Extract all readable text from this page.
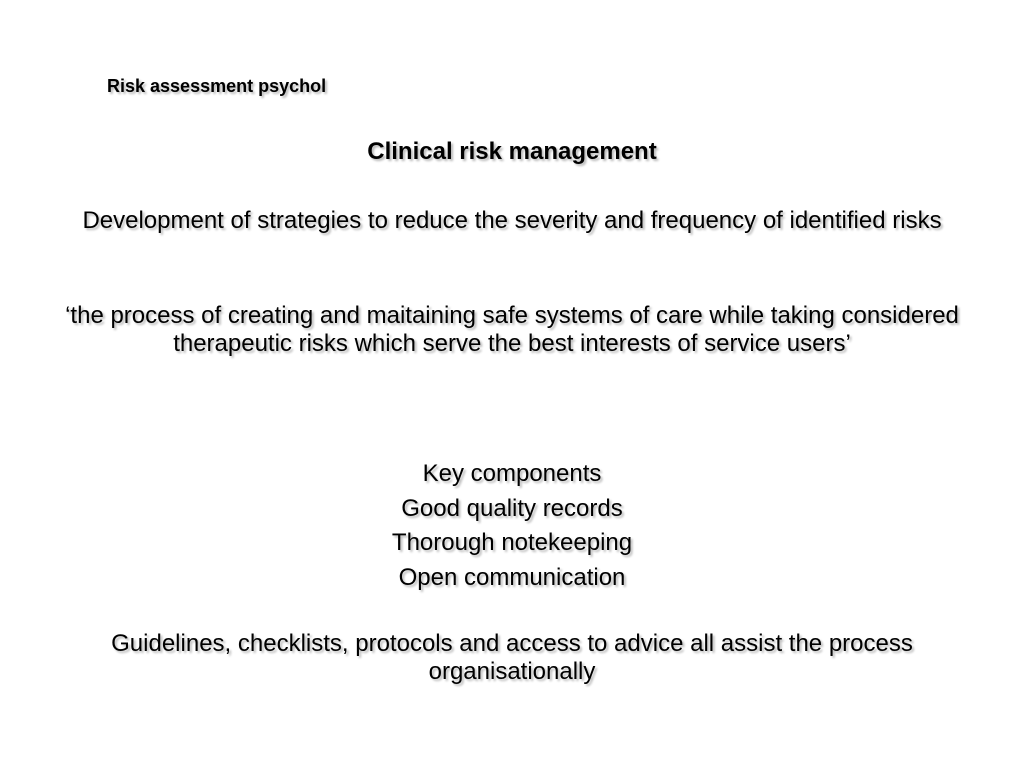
Risk assessment psychol
Clinical risk management
Development of strategies to reduce the severity and frequency of identified risks
‘the process of creating and maitaining safe systems of care while taking considered therapeutic risks which serve the best interests of service users’
Key components
Good quality records
Thorough notekeeping
Open communication
Guidelines, checklists, protocols and access to advice all assist the process organisationally
